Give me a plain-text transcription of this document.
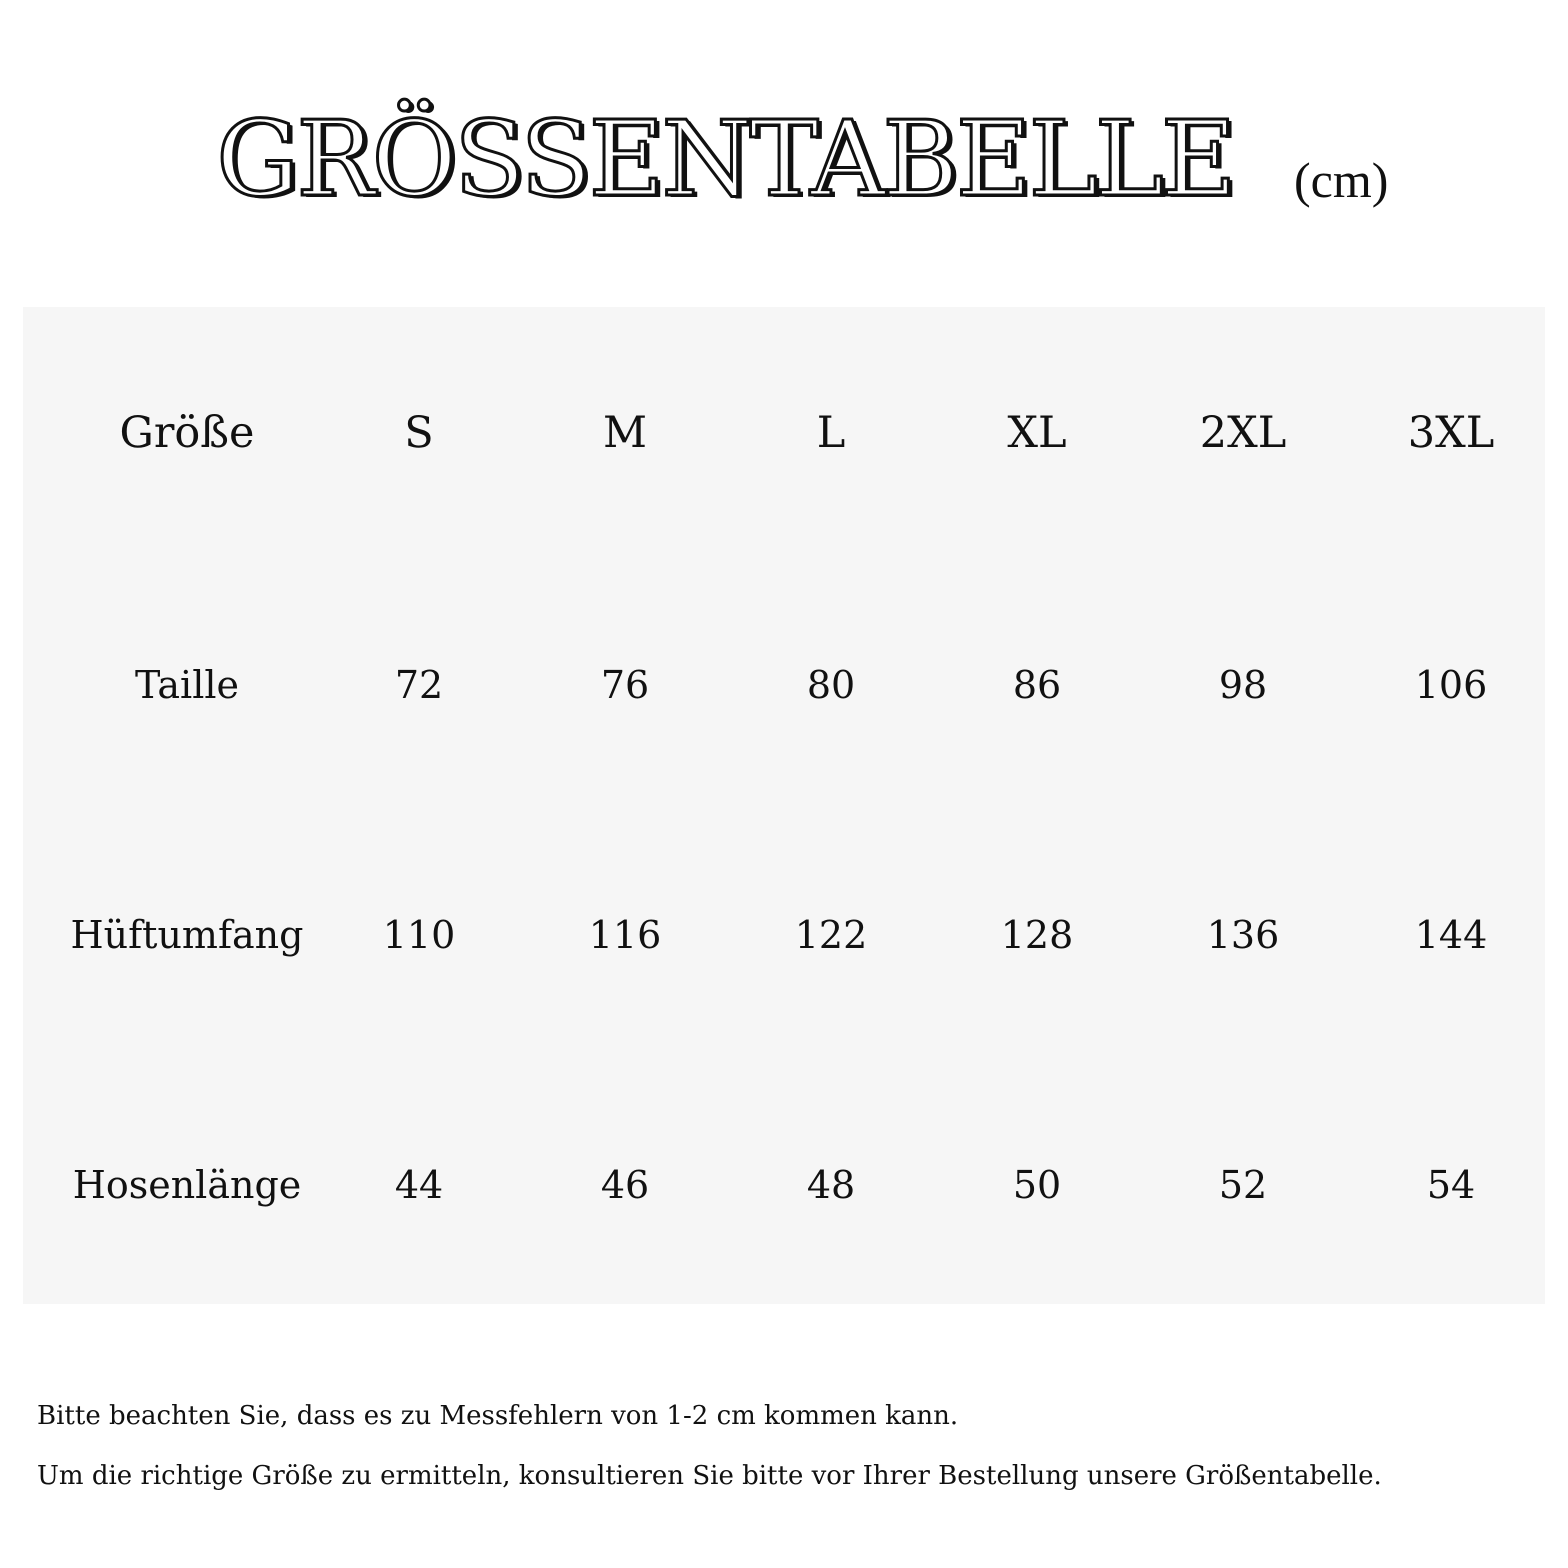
GRÖSSENTABELLE	(cm)
Größe	S	M	L	XL	2XL	3XL
Taille	72	76	80	86	98	106
Hüftumfang	110	116	122	128	136	144
Hosenlänge	44	46	48	50	52	54
Bitte beachten Sie, dass es zu Messfehlern von 1-2 cm kommen kann.
Um die richtige Größe zu ermitteln, konsultieren Sie bitte vor Ihrer Bestellung unsere Größentabelle.
